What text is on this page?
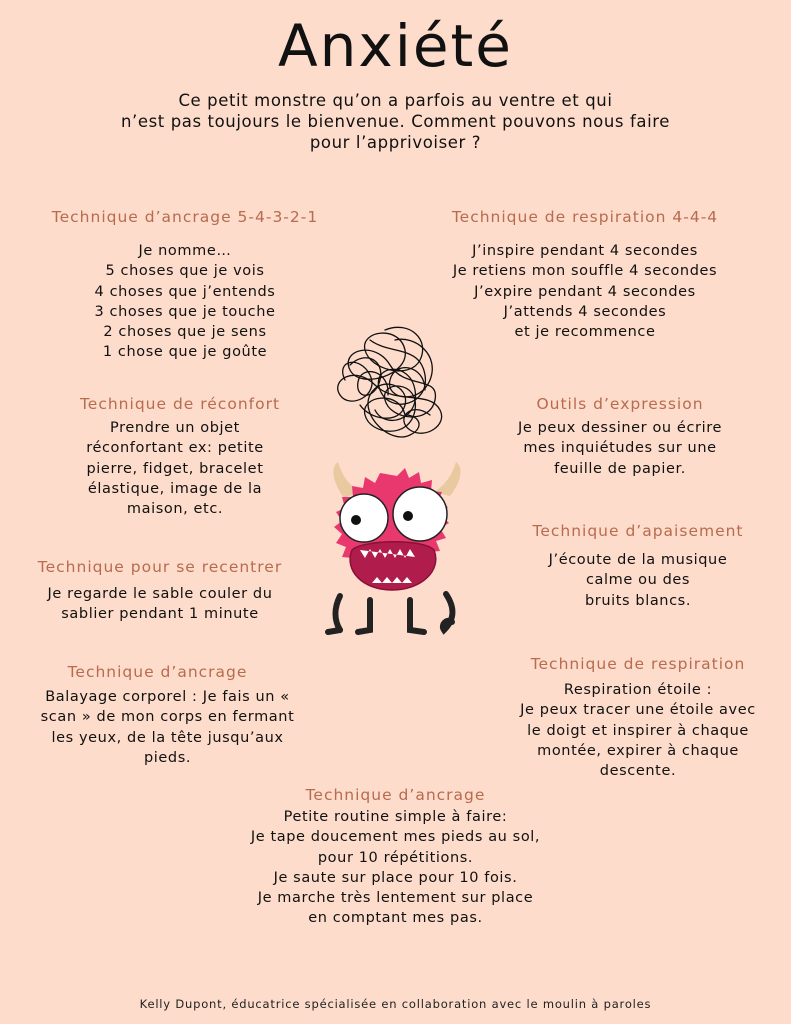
Anxiété
Ce petit monstre qu’on a parfois au ventre et qui
n’est pas toujours le bienvenue. Comment pouvons nous faire
pour l’apprivoiser ?
Technique d’ancrage 5-4-3-2-1
Je nomme…
5 choses que je vois
4 choses que j’entends
3 choses que je touche
2 choses que je sens
1 chose que je goûte
Technique de respiration 4-4-4
J’inspire pendant 4 secondes
Je retiens mon souffle 4 secondes
J’expire pendant 4 secondes
J’attends 4 secondes
et je recommence
Technique de réconfort
Prendre un objet
réconfortant ex: petite
pierre, fidget, bracelet
élastique, image de la
maison, etc.
Outils d’expression
Je peux dessiner ou écrire
mes inquiétudes sur une
feuille de papier.
Technique d’apaisement
J’écoute de la musique
calme ou des
bruits blancs.
Technique pour se recentrer
Je regarde le sable couler du
sablier pendant 1 minute
Technique d’ancrage
Balayage corporel : Je fais un «
scan » de mon corps en fermant
les yeux, de la tête jusqu’aux
pieds.
Technique de respiration
Respiration étoile :
Je peux tracer une étoile avec
le doigt et inspirer à chaque
montée, expirer à chaque
descente.
Technique d’ancrage
Petite routine simple à faire:
Je tape doucement mes pieds au sol,
pour 10 répétitions.
Je saute sur place pour 10 fois.
Je marche très lentement sur place
en comptant mes pas.
Kelly Dupont, éducatrice spécialisée en collaboration avec le moulin à paroles
